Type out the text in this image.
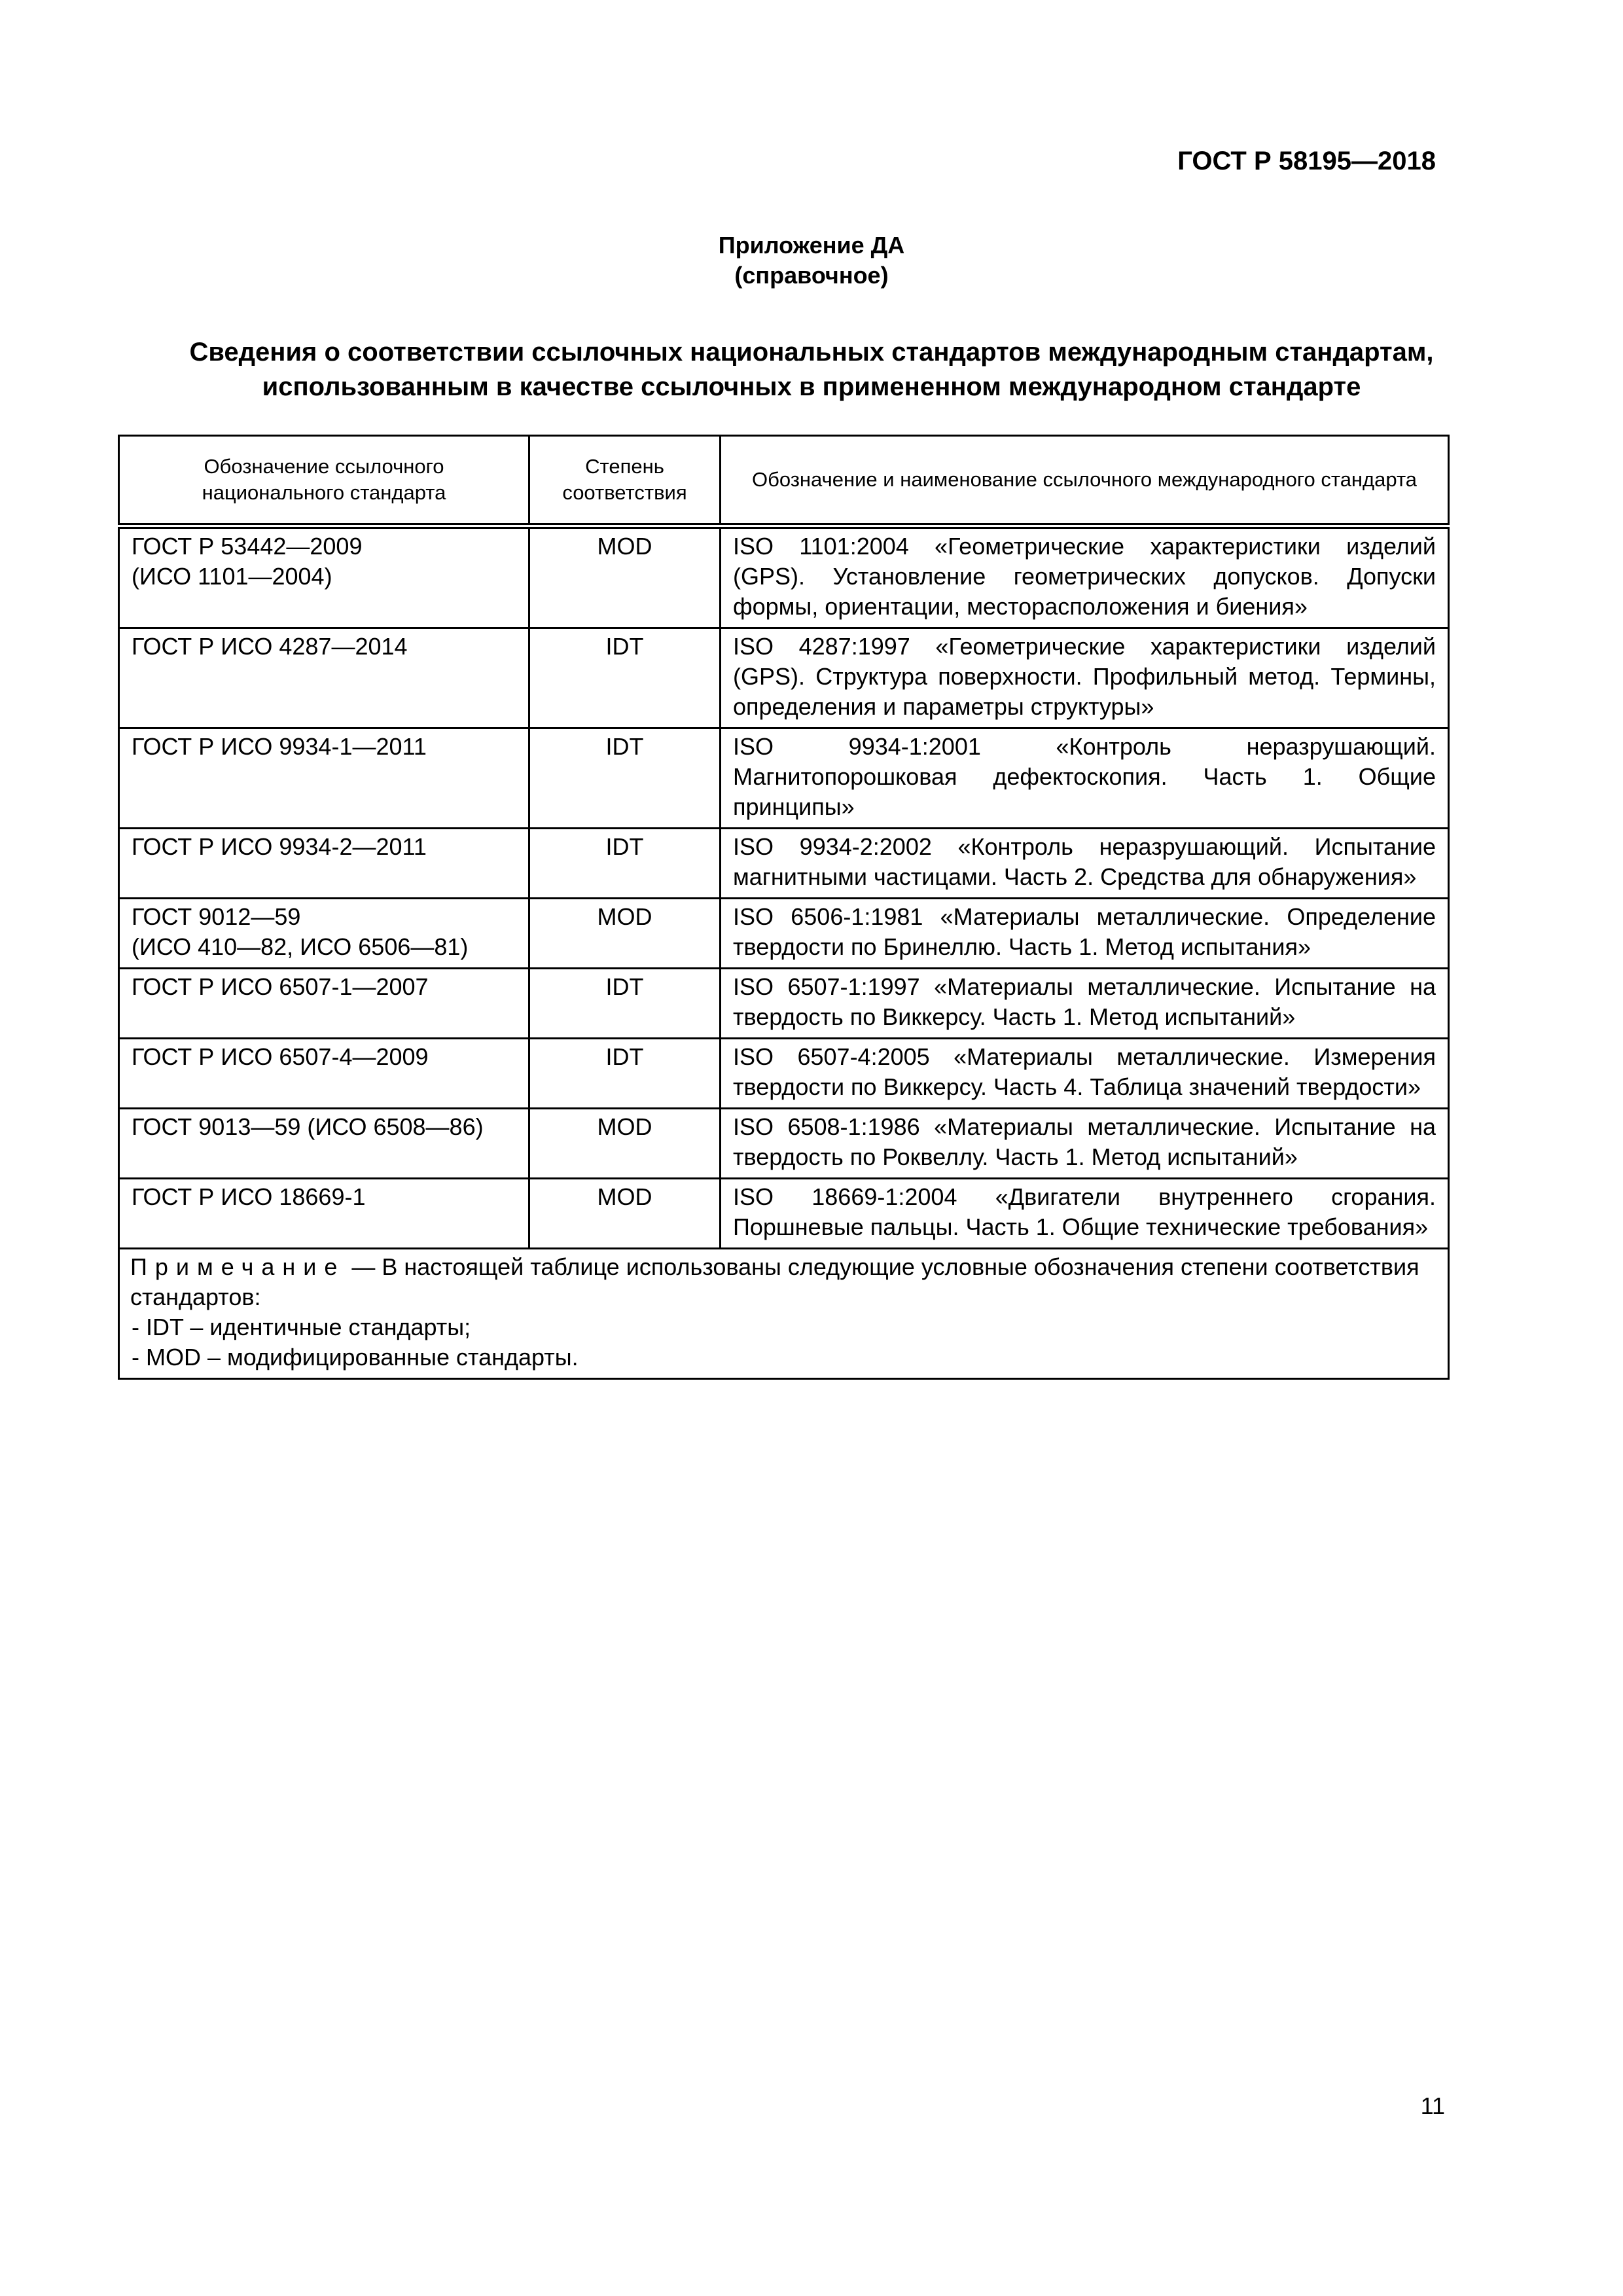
ГОСТ Р 58195—2018
Приложение ДА
(справочное)
Сведения о соответствии ссылочных национальных стандартов международным стандартам,
использованным в качестве ссылочных в примененном международном стандарте
Обозначение ссылочного национального стандарта	Степень соответствия	Обозначение и наименование ссылочного международного стандарта

ГОСТ Р 53442—2009
(ИСО 1101—2004)	MOD	ISO 1101:2004 «Геометрические характеристики изделий (GPS). Установление геометрических допусков. Допуски формы, ориентации, месторасположения и биения»

ГОСТ Р ИСО 4287—2014	IDT	ISO 4287:1997 «Геометрические характеристики изделий (GPS). Структура поверхности. Профильный метод. Термины, определения и параметры структуры»

ГОСТ Р ИСО 9934-1—2011	IDT	ISO 9934-1:2001 «Контроль неразрушающий. Магнитопорошковая дефектоскопия. Часть 1. Общие принципы»

ГОСТ Р ИСО 9934-2—2011	IDT	ISO 9934-2:2002 «Контроль неразрушающий. Испытание магнитными частицами. Часть 2. Средства для обнаружения»

ГОСТ 9012—59
(ИСО 410—82, ИСО 6506—81)	MOD	ISO 6506-1:1981 «Материалы металлические. Определение твердости по Бринеллю. Часть 1. Метод испытания»

ГОСТ Р ИСО 6507-1—2007	IDT	ISO 6507-1:1997 «Материалы металлические. Испытание на твердость по Виккерсу. Часть 1. Метод испытаний»

ГОСТ Р ИСО 6507-4—2009	IDT	ISO 6507-4:2005 «Материалы металлические. Измерения твердости по Виккерсу. Часть 4. Таблица значений твердости»

ГОСТ 9013—59 (ИСО 6508—86)	MOD	ISO 6508-1:1986 «Материалы металлические. Испытание на твердость по Роквеллу. Часть 1. Метод испытаний»

ГОСТ Р ИСО 18669-1	MOD	ISO 18669-1:2004 «Двигатели внутреннего сгорания. Поршневые пальцы. Часть 1. Общие технические требования»

Примечание — В настоящей таблице использованы следующие условные обозначения степени соответствия стандартов:
- IDT – идентичные стандарты;
- MOD – модифицированные стандарты.		
11
